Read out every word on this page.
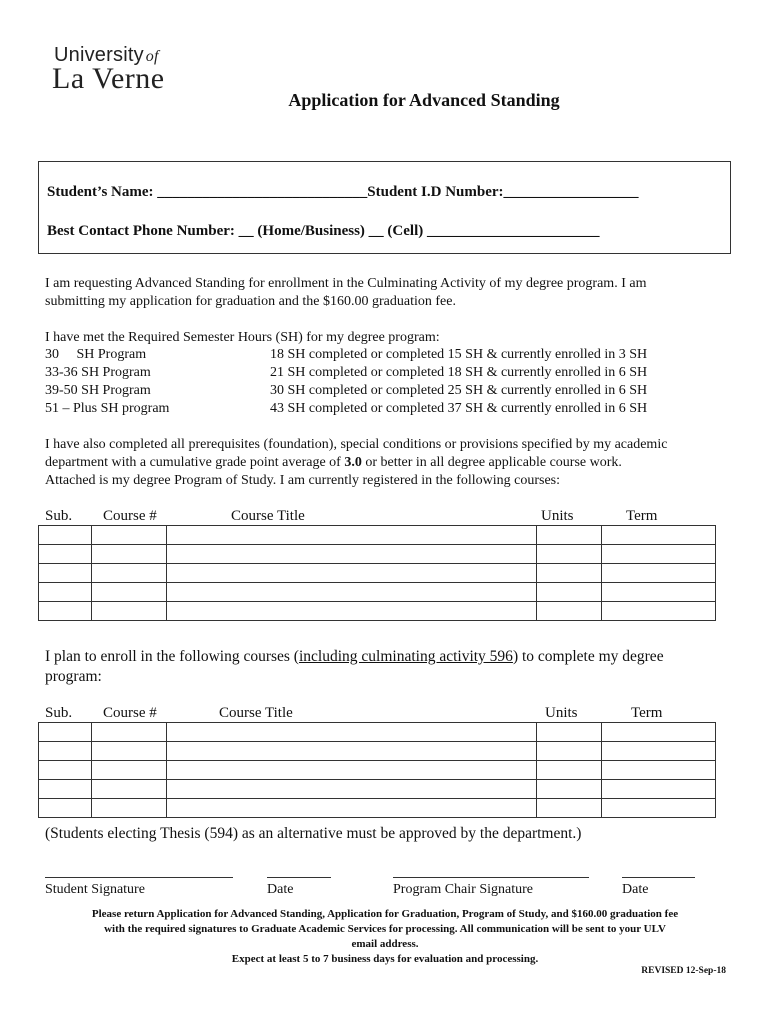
University of
La Verne
Application for Advanced Standing
Student’s Name: ____________________________Student I.D Number:__________________
Best Contact Phone Number: __ (Home/Business) __ (Cell) _______________________
I am requesting Advanced Standing for enrollment in the Culminating Activity of my degree program. I am
submitting my application for graduation and the $160.00 graduation fee.
I have met the Required Semester Hours (SH) for my degree program:
30     SH Program	18 SH completed or completed 15 SH & currently enrolled in 3 SH
33-36 SH Program	21 SH completed or completed 18 SH & currently enrolled in 6 SH
39-50 SH Program	30 SH completed or completed 25 SH & currently enrolled in 6 SH
51 – Plus SH program	43 SH completed or completed 37 SH & currently enrolled in 6 SH
I have also completed all prerequisites (foundation), special conditions or provisions specified by my academic
department with a cumulative grade point average of 3.0 or better in all degree applicable course work.
Attached is my degree Program of Study. I am currently registered in the following courses:
Sub. Course #	Course Title	Units	Term

I plan to enroll in the following courses (including culminating activity 596) to complete my degree
program:
Sub. Course #	Course Title	Units	Term

(Students electing Thesis (594) as an alternative must be approved by the department.)
Student Signature	Date	Program Chair Signature	Date
Please return Application for Advanced Standing, Application for Graduation, Program of Study, and $160.00 graduation fee
with the required signatures to Graduate Academic Services for processing. All communication will be sent to your ULV
email address.
Expect at least 5 to 7 business days for evaluation and processing.
REVISED 12-Sep-18
